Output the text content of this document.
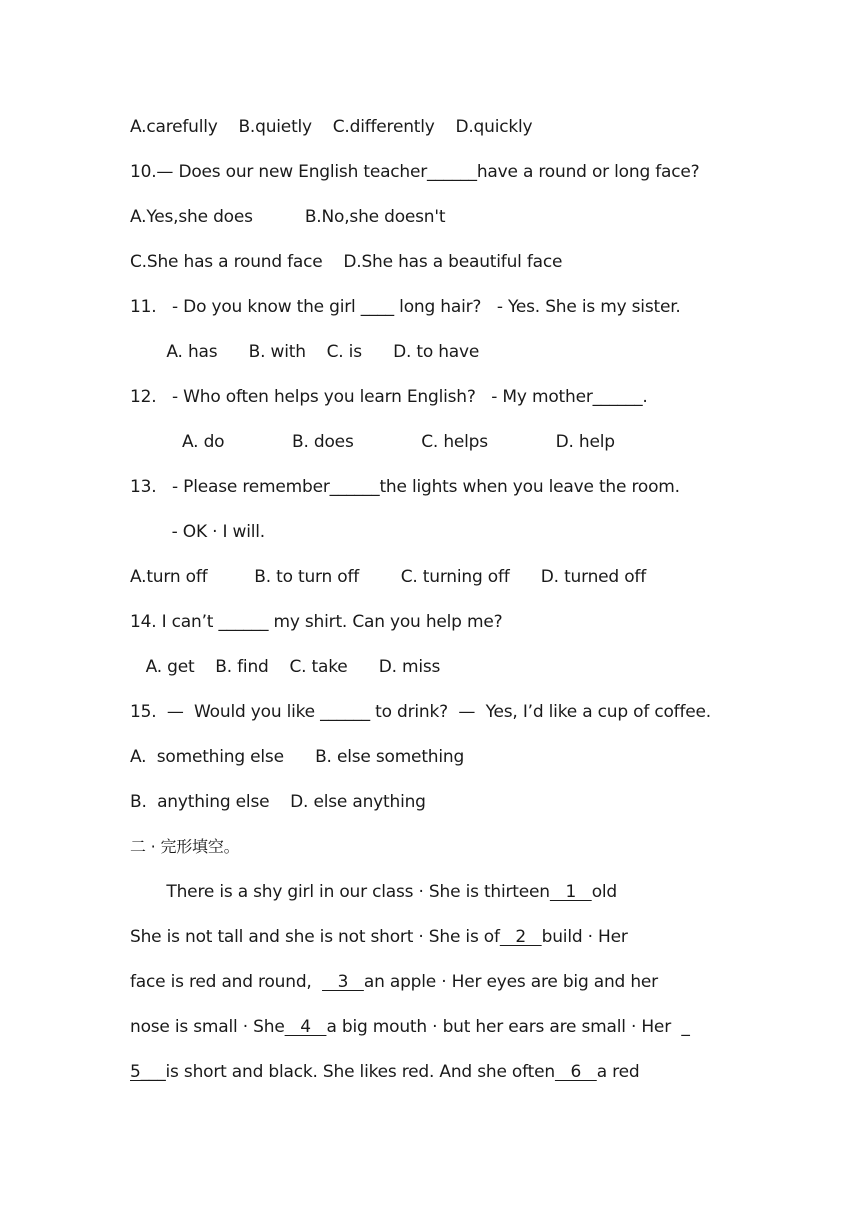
A.carefully    B.quietly    C.differently    D.quickly
10.— Does our new English teacher______have a round or long face?
A.Yes,she does          B.No,she doesn't
C.She has a round face    D.She has a beautiful face
11.   - Do you know the girl ____ long hair?   - Yes. She is my sister.
A. has      B. with    C. is      D. to have
12.   - Who often helps you learn English?   - My mother______.
A. do             B. does             C. helps             D. help
13.   - Please remember______the lights when you leave the room.
- OK · I will.
A.turn off         B. to turn off        C. turning off      D. turned off
14. I can’t ______ my shirt. Can you help me?
A. get    B. find    C. take      D. miss
15.  —  Would you like ______ to drink?  —  Yes, I’d like a cup of coffee.
A.  something else      B. else something
B.  anything else    D. else anything
二 · 完形填空。
There is a shy girl in our class · She is thirteen   1   old
She is not tall and she is not short · She is of   2   build · Her
face is red and round,     3   an apple · Her eyes are big and her
nose is small · She   4   a big mouth · but her ears are small · Her  _
5___is short and black. She likes red. And she often   6   a red
